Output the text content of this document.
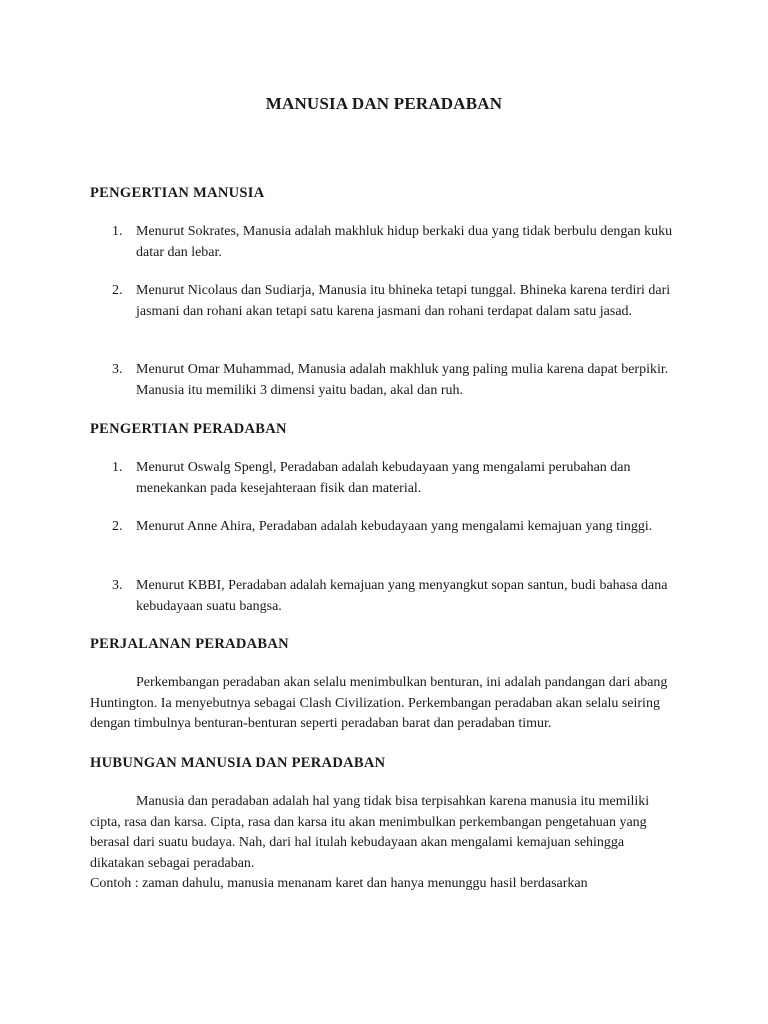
MANUSIA DAN PERADABAN
PENGERTIAN MANUSIA
1. Menurut Sokrates, Manusia adalah makhluk hidup berkaki dua yang tidak berbulu dengan kuku datar dan lebar.
2. Menurut Nicolaus dan Sudiarja, Manusia itu bhineka tetapi tunggal. Bhineka karena terdiri dari jasmani dan rohani akan tetapi satu karena jasmani dan rohani terdapat dalam satu jasad.
3. Menurut Omar Muhammad, Manusia adalah makhluk yang paling mulia karena dapat berpikir. Manusia itu memiliki 3 dimensi yaitu badan, akal dan ruh.
PENGERTIAN PERADABAN
1. Menurut Oswalg Spengl, Peradaban adalah kebudayaan yang mengalami perubahan dan menekankan pada kesejahteraan fisik dan material.
2. Menurut Anne Ahira, Peradaban adalah kebudayaan yang mengalami kemajuan yang tinggi.
3. Menurut KBBI, Peradaban adalah kemajuan yang menyangkut sopan santun, budi bahasa dana kebudayaan suatu bangsa.
PERJALANAN PERADABAN

Perkembangan peradaban akan selalu menimbulkan benturan, ini adalah pandangan dari abang Huntington. Ia menyebutnya sebagai Clash Civilization. Perkembangan peradaban akan selalu seiring dengan timbulnya benturan-benturan seperti peradaban barat dan peradaban timur.

HUBUNGAN MANUSIA DAN PERADABAN

Manusia dan peradaban adalah hal yang tidak bisa terpisahkan karena manusia itu memiliki cipta, rasa dan karsa. Cipta, rasa dan karsa itu akan menimbulkan perkembangan pengetahuan yang berasal dari suatu budaya. Nah, dari hal itulah kebudayaan akan mengalami kemajuan sehingga dikatakan sebagai peradaban.
Contoh : zaman dahulu, manusia menanam karet dan hanya menunggu hasil berdasarkan
